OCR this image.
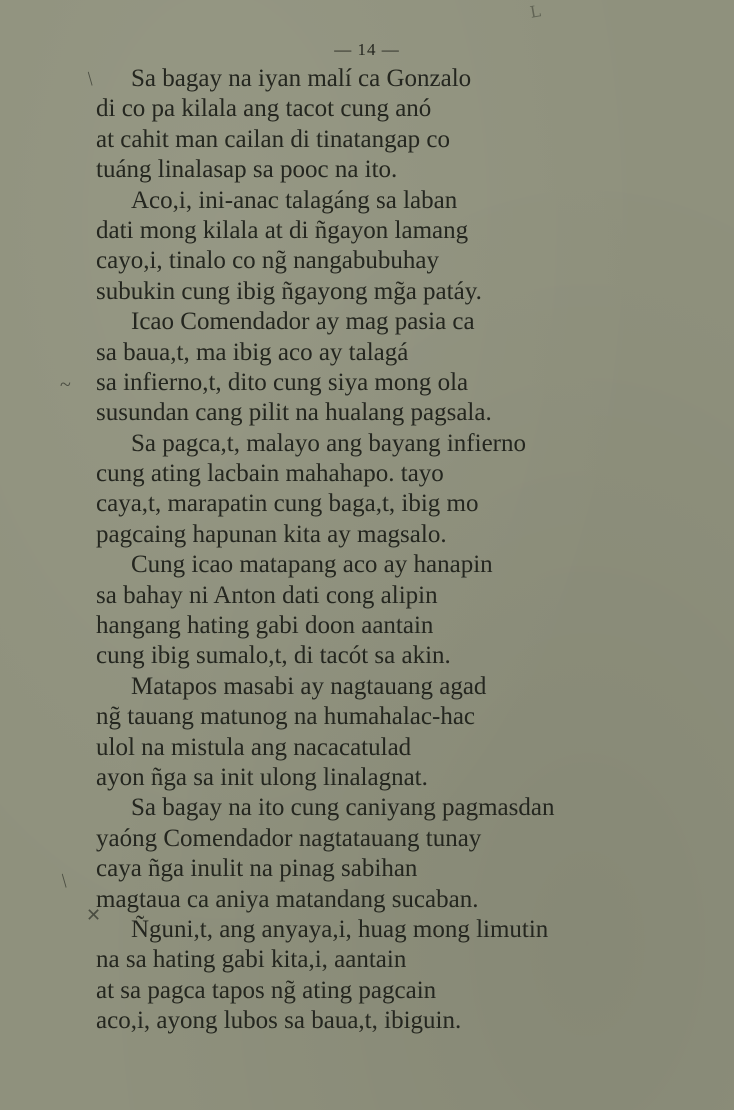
L
— 14 —
Sa bagay na iyan malí ca Gonzalo
di co pa kilala ang tacot cung anó
at cahit man cailan di tinatangap co
tuáng linalasap sa pooc na ito.
Aco,i, ini-anac talagáng sa laban
dati mong kilala at di ñgayon lamang
cayo,i, tinalo co ng̃ nangabubuhay
subukin cung ibig ñgayong mg̃a patáy.
Icao Comendador ay mag pasia ca
sa baua,t, ma ibig aco ay talagá
sa infierno,t, dito cung siya mong ola
susundan cang pilit na hualang pagsala.
Sa pagca,t, malayo ang bayang infierno
cung ating lacbain mahahapo. tayo
caya,t, marapatin cung baga,t, ibig mo
pagcaing hapunan kita ay magsalo.
Cung icao matapang aco ay hanapin
sa bahay ni Anton dati cong alipin
hangang hating gabi doon aantain
cung ibig sumalo,t, di tacót sa akin.
Matapos masabi ay nagtauang agad
ng̃ tauang matunog na humahalac-hac
ulol na mistula ang nacacatulad
ayon ñga sa init ulong linalagnat.
Sa bagay na ito cung caniyang pagmasdan
yaóng Comendador nagtatauang tunay
caya ñga inulit na pinag sabihan
magtaua ca aniya matandang sucaban.
Ñguni,t, ang anyaya,i, huag mong limutin
na sa hating gabi kita,i, aantain
at sa pagca tapos ng̃ ating pagcain
aco,i, ayong lubos sa baua,t, ibiguin.
/
~
/
✕
